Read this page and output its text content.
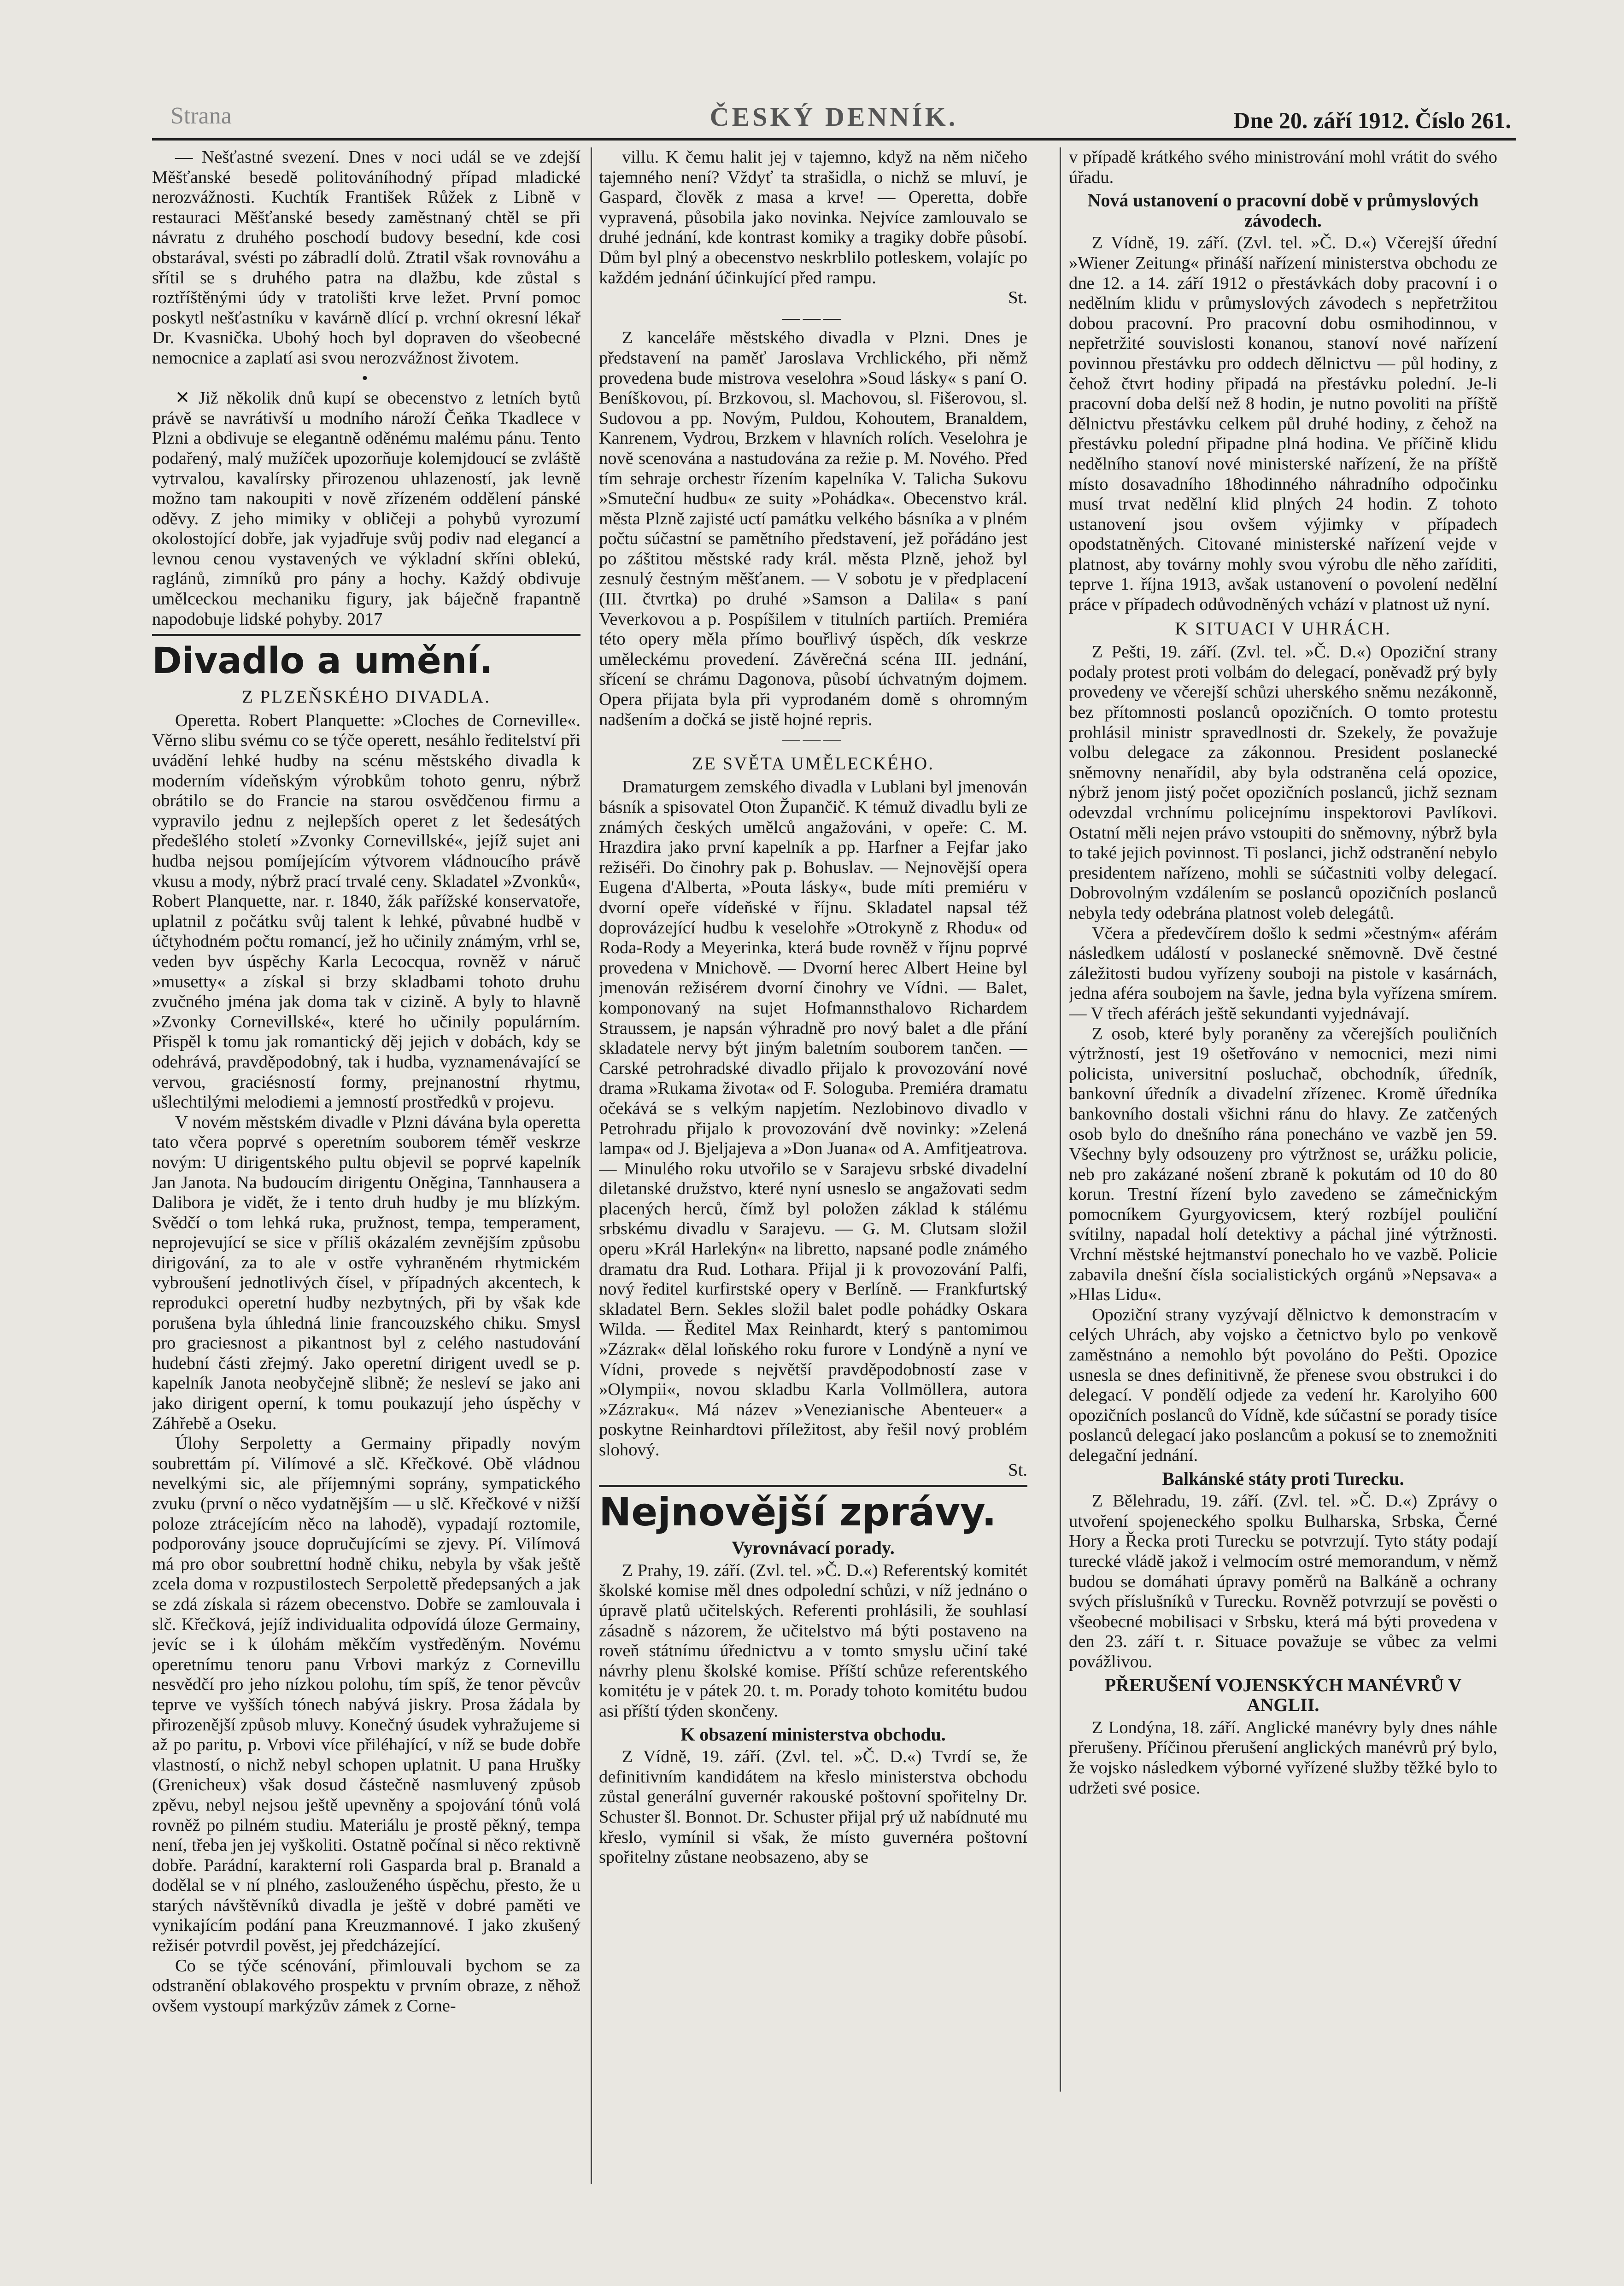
Strana	ČESKÝ DENNÍK.	Dne 20. září 1912. Číslo 261.

— Nešťastné svezení. Dnes v noci udál se ve zdejší Měšťanské besedě politováníhodný případ mladické nerozvážnosti. Kuchtík František Růžek z Libně v restauraci Měšťanské besedy zaměstnaný chtěl se při návratu z druhého poschodí budovy besední, kde cosi obstarával, svésti po zábradlí dolů. Ztratil však rovnováhu a sřítil se s druhého patra na dlažbu, kde zůstal s roztříštěnými údy v tratolišti krve ležet. První pomoc poskytl nešťastníku v kavárně dlící p. vrchní okresní lékař Dr. Kvasnička. Ubohý hoch byl dopraven do všeobecné nemocnice a zaplatí asi svou nerozvážnost životem.

•

✕ Již několik dnů kupí se obecenstvo z letních bytů právě se navrátivší u modního nároží Čeňka Tkadlece v Plzni a obdivuje se elegantně oděnému malému pánu. Tento podařený, malý mužíček upozorňuje kolemjdoucí se zvláště vytrvalou, kavalírsky přirozenou uhlazeností, jak levně možno tam nakoupiti v nově zřízeném oddělení pánské oděvy. Z jeho mimiky v obličeji a pohybů vyrozumí okolostojící dobře, jak vyjadřuje svůj podiv nad elegancí a levnou cenou vystavených ve výkladní skříni oblekú, raglánů, zimníků pro pány a hochy. Každý obdivuje umělceckou mechaniku figury, jak báječně frapantně napodobuje lidské pohyby. 2017

Divadlo a umění.

Z PLZEŇSKÉHO DIVADLA.

Operetta. Robert Planquette: »Cloches de Corneville«. Věrno slibu svému co se týče operett, nesáhlo ředitelství při uvádění lehké hudby na scénu městského divadla k moderním vídeňským výrobkům tohoto genru, nýbrž obrátilo se do Francie na starou osvědčenou firmu a vypravilo jednu z nejlepších operet z let šedesátých předešlého století »Zvonky Cornevillské«, jejíž sujet ani hudba nejsou pomíjejícím výtvorem vládnoucího právě vkusu a mody, nýbrž prací trvalé ceny. Skladatel »Zvonků«, Robert Planquette, nar. r. 1840, žák pařížské konservatoře, uplatnil z počátku svůj talent k lehké, půvabné hudbě v účtyhodném počtu romancí, jež ho učinily známým, vrhl se, veden byv úspěchy Karla Lecocqua, rovněž v náruč »musetty« a získal si brzy skladbami tohoto druhu zvučného jména jak doma tak v cizině. A byly to hlavně »Zvonky Cornevillské«, které ho učinily populárním. Přispěl k tomu jak romantický děj jejich v dobách, kdy se odehrává, pravděpodobný, tak i hudba, vyznamenávající se vervou, graciésností formy, prejnanostní rhytmu, ušlechtilými melodiemi a jemností prostředků v projevu.

V novém městském divadle v Plzni dávána byla operetta tato včera poprvé s operetním souborem téměř veskrze novým: U dirigentského pultu objevil se poprvé kapelník Jan Janota. Na budoucím dirigentu Oněgina, Tannhausera a Dalibora je vidět, že i tento druh hudby je mu blízkým. Svědčí o tom lehká ruka, pružnost, tempa, temperament, neprojevující se sice v příliš okázalém zevnějším způsobu dirigování, za to ale v ostře vyhraněném rhytmickém vybroušení jednotlivých čísel, v případných akcentech, k reprodukci operetní hudby nezbytných, při by však kde porušena byla úhledná linie francouzského chiku. Smysl pro graciesnost a pikantnost byl z celého nastudování hudební části zřejmý. Jako operetní dirigent uvedl se p. kapelník Janota neobyčejně slibně; že nesleví se jako ani jako dirigent operní, k tomu poukazují jeho úspěchy v Záhřebě a Oseku.

Úlohy Serpoletty a Germainy připadly novým soubrettám pí. Vilímové a slč. Křečkové. Obě vládnou nevelkými sic, ale příjemnými soprány, sympatického zvuku (první o něco vydatnějším — u slč. Křečkové v nižší poloze ztrácejícím něco na lahodě), vypadají roztomile, podporovány jsouce dopručujícími se zjevy. Pí. Vilímová má pro obor soubrettní hodně chiku, nebyla by však ještě zcela doma v rozpustilostech Serpolettě předepsaných a jak se zdá získala si rázem obecenstvo. Dobře se zamlouvala i slč. Křečková, jejíž individualita odpovídá úloze Germainy, jevíc se i k úlohám měkčím vystředěným. Novému operetnímu tenoru panu Vrbovi markýz z Cornevillu nesvědčí pro jeho nízkou polohu, tím spíš, že tenor pěvcův teprve ve vyšších tónech nabývá jiskry. Prosa žádala by přirozenější způsob mluvy. Konečný úsudek vyhražujeme si až po paritu, p. Vrbovi více přiléhající, v níž se bude dobře vlastností, o nichž nebyl schopen uplatnit. U pana Hrušky (Grenicheux) však dosud částečně nasmluvený způsob zpěvu, nebyl nejsou ještě upevněny a spojování tónů volá rovněž po pilném studiu. Materiálu je prostě pěkný, tempa není, třeba jen jej vyškoliti. Ostatně počínal si něco rektivně dobře. Parádní, karakterní roli Gasparda bral p. Branald a dodělal se v ní plného, zaslouženého úspěchu, přesto, že u starých návštěvníků divadla je ještě v dobré paměti ve vynikajícím podání pana Kreuzmannové. I jako zkušený režisér potvrdil pověst, jej předcházející.

Co se týče scénování, přimlouvali bychom se za odstranění oblakového prospektu v prvním obraze, z něhož ovšem vystoupí markýzův zámek z Corne-

villu. K čemu halit jej v tajemno, když na něm ničeho tajemného není? Vždyť ta strašidla, o nichž se mluví, je Gaspard, člověk z masa a krve! — Operetta, dobře vypravená, působila jako novinka. Nejvíce zamlouvalo se druhé jednání, kde kontrast komiky a tragiky dobře působí. Dům byl plný a obecenstvo neskrblilo potleskem, volajíc po každém jednání účinkující před rampu.

St.

———

Z kanceláře městského divadla v Plzni. Dnes je představení na paměť Jaroslava Vrchlického, při němž provedena bude mistrova veselohra »Soud lásky« s paní O. Beníškovou, pí. Brzkovou, sl. Machovou, sl. Fišerovou, sl. Sudovou a pp. Novým, Puldou, Kohoutem, Branaldem, Kanrenem, Vydrou, Brzkem v hlavních rolích. Veselohra je nově scenována a nastudována za režie p. M. Nového. Před tím sehraje orchestr řízením kapelníka V. Talicha Sukovu »Smuteční hudbu« ze suity »Pohádka«. Obecenstvo král. města Plzně zajisté uctí památku velkého básníka a v plném počtu súčastní se pamětního představení, jež pořádáno jest po záštitou městské rady král. města Plzně, jehož byl zesnulý čestným měšťanem. — V sobotu je v předplacení (III. čtvrtka) po druhé »Samson a Dalila« s paní Veverkovou a p. Pospíšilem v titulních partiích. Premiéra této opery měla přímo bouřlivý úspěch, dík veskrze uměleckému provedení. Závěrečná scéna III. jednání, sřícení se chrámu Dagonova, působí úchvatným dojmem. Opera přijata byla při vyprodaném domě s ohromným nadšením a dočká se jistě hojné repris.

———

ZE SVĚTA UMĚLECKÉHO.

Dramaturgem zemského divadla v Lublani byl jmenován básník a spisovatel Oton Župančič. K témuž divadlu byli ze známých českých umělců angažováni, v opeře: C. M. Hrazdira jako první kapelník a pp. Harfner a Fejfar jako režiséři. Do činohry pak p. Bohuslav. — Nejnovější opera Eugena d'Alberta, »Pouta lásky«, bude míti premiéru v dvorní opeře vídeňské v říjnu. Skladatel napsal též doprovázející hudbu k veselohře »Otrokyně z Rhodu« od Roda-Rody a Meyerinka, která bude rovněž v říjnu poprvé provedena v Mnichově. — Dvorní herec Albert Heine byl jmenován režisérem dvorní činohry ve Vídni. — Balet, komponovaný na sujet Hofmannsthalovo Richardem Straussem, je napsán výhradně pro nový balet a dle přání skladatele nervy být jiným baletním souborem tančen. — Carské petrohradské divadlo přijalo k provozování nové drama »Rukama života« od F. Sologuba. Premiéra dramatu očekává se s velkým napjetím. Nezlobinovo divadlo v Petrohradu přijalo k provozování dvě novinky: »Zelená lampa« od J. Bjeljajeva a »Don Juana« od A. Amfitjeatrova. — Minulého roku utvořilo se v Sarajevu srbské divadelní diletanské družstvo, které nyní usneslo se angažovati sedm placených herců, čímž byl položen základ k stálému srbskému divadlu v Sarajevu. — G. M. Clutsam složil operu »Král Harlekýn« na libretto, napsané podle známého dramatu dra Rud. Lothara. Přijal ji k provozování Palfi, nový ředitel kurfirstské opery v Berlíně. — Frankfurtský skladatel Bern. Sekles složil balet podle pohádky Oskara Wilda. — Ředitel Max Reinhardt, který s pantomimou »Zázrak« dělal loňského roku furore v Londýně a nyní ve Vídni, provede s největší pravděpodobností zase v »Olympii«, novou skladbu Karla Vollmöllera, autora »Zázraku«. Má název »Venezianische Abenteuer« a poskytne Reinhardtovi příležitost, aby řešil nový problém slohový.

St.

Nejnovější zprávy.

Vyrovnávací porady.

Z Prahy, 19. září. (Zvl. tel. »Č. D.«) Referentský komitét školské komise měl dnes odpolední schůzi, v níž jednáno o úpravě platů učitelských. Referenti prohlásili, že souhlasí zásadně s názorem, že učitelstvo má býti postaveno na roveň státnímu úřednictvu a v tomto smyslu učiní také návrhy plenu školské komise. Příští schůze referentského komitétu je v pátek 20. t. m. Porady tohoto komitétu budou asi příští týden skončeny.

K obsazení ministerstva obchodu.

Z Vídně, 19. září. (Zvl. tel. »Č. D.«) Tvrdí se, že definitivním kandidátem na křeslo ministerstva obchodu zůstal generální guvernér rakouské poštovní spořitelny Dr. Schuster šl. Bonnot. Dr. Schuster přijal prý už nabídnuté mu křeslo, vymínil si však, že místo guvernéra poštovní spořitelny zůstane neobsazeno, aby se

v případě krátkého svého ministrování mohl vrátit do svého úřadu.

Nová ustanovení o pracovní době v průmyslových závodech.

Z Vídně, 19. září. (Zvl. tel. »Č. D.«) Včerejší úřední »Wiener Zeitung« přináší nařízení ministerstva obchodu ze dne 12. a 14. září 1912 o přestávkách doby pracovní i o nedělním klidu v průmyslových závodech s nepřetržitou dobou pracovní. Pro pracovní dobu osmihodinnou, v nepřetržité souvislosti konanou, stanoví nové nařízení povinnou přestávku pro oddech dělnictvu — půl hodiny, z čehož čtvrt hodiny připadá na přestávku polední. Je-li pracovní doba delší než 8 hodin, je nutno povoliti na příště dělnictvu přestávku celkem půl druhé hodiny, z čehož na přestávku polední připadne plná hodina. Ve příčině klidu nedělního stanoví nové ministerské nařízení, že na příště místo dosavadního 18hodinného náhradního odpočinku musí trvat nedělní klid plných 24 hodin. Z tohoto ustanovení jsou ovšem výjimky v případech opodstatněných. Citované ministerské nařízení vejde v platnost, aby továrny mohly svou výrobu dle něho zaříditi, teprve 1. října 1913, avšak ustanovení o povolení nedělní práce v případech odůvodněných vchází v platnost už nyní.

K SITUACI V UHRÁCH.

Z Pešti, 19. září. (Zvl. tel. »Č. D.«) Opoziční strany podaly protest proti volbám do delegací, poněvadž prý byly provedeny ve včerejší schůzi uherského sněmu nezákonně, bez přítomnosti poslanců opozičních. O tomto protestu prohlásil ministr spravedlnosti dr. Szekely, že považuje volbu delegace za zákonnou. President poslanecké sněmovny nenařídil, aby byla odstraněna celá opozice, nýbrž jenom jistý počet opozičních poslanců, jichž seznam odevzdal vrchnímu policejnímu inspektorovi Pavlíkovi. Ostatní měli nejen právo vstoupiti do sněmovny, nýbrž byla to také jejich povinnost. Ti poslanci, jichž odstranění nebylo presidentem nařízeno, mohli se súčastniti volby delegací. Dobrovolným vzdálením se poslanců opozičních poslanců nebyla tedy odebrána platnost voleb delegátů.

Včera a předevčírem došlo k sedmi »čestným« aférám následkem událostí v poslanecké sněmovně. Dvě čestné záležitosti budou vyřízeny souboji na pistole v kasárnách, jedna aféra soubojem na šavle, jedna byla vyřízena smírem. — V třech aférách ještě sekundanti vyjednávají.

Z osob, které byly poraněny za včerejších pouličních výtržností, jest 19 ošetřováno v nemocnici, mezi nimi policista, universitní posluchač, obchodník, úředník, bankovní úředník a divadelní zřízenec. Kromě úředníka bankovního dostali všichni ránu do hlavy. Ze zatčených osob bylo do dnešního rána ponecháno ve vazbě jen 59. Všechny byly odsouzeny pro výtržnost se, urážku policie, neb pro zakázané nošení zbraně k pokutám od 10 do 80 korun. Trestní řízení bylo zavedeno se zámečnickým pomocníkem Gyurgyovicsem, který rozbíjel pouliční svítilny, napadal holí detektivy a páchal jiné výtržnosti. Vrchní městské hejtmanství ponechalo ho ve vazbě. Policie zabavila dnešní čísla socialistických orgánů »Nepsava« a »Hlas Lidu«.

Opoziční strany vyzývají dělnictvo k demonstracím v celých Uhrách, aby vojsko a četnictvo bylo po venkově zaměstnáno a nemohlo být povoláno do Pešti. Opozice usnesla se dnes definitivně, že přenese svou obstrukci i do delegací. V pondělí odjede za vedení hr. Karolyiho 600 opozičních poslanců do Vídně, kde súčastní se porady tisíce poslanců delegací jako poslancům a pokusí se to znemožniti delegační jednání.

Balkánské státy proti Turecku.

Z Bělehradu, 19. září. (Zvl. tel. »Č. D.«) Zprávy o utvoření spojeneckého spolku Bulharska, Srbska, Černé Hory a Řecka proti Turecku se potvrzují. Tyto státy podají turecké vládě jakož i velmocím ostré memorandum, v němž budou se domáhati úpravy poměrů na Balkáně a ochrany svých příslušníků v Turecku. Rovněž potvrzují se pověsti o všeobecné mobilisaci v Srbsku, která má býti provedena v den 23. září t. r. Situace považuje se vůbec za velmi povážlivou.

PŘERUŠENÍ VOJENSKÝCH MANÉVRŮ V ANGLII.

Z Londýna, 18. září. Anglické manévry byly dnes náhle přerušeny. Příčinou přerušení anglických manévrů prý bylo, že vojsko následkem výborné vyřízené služby těžké bylo to udržeti své posice.
